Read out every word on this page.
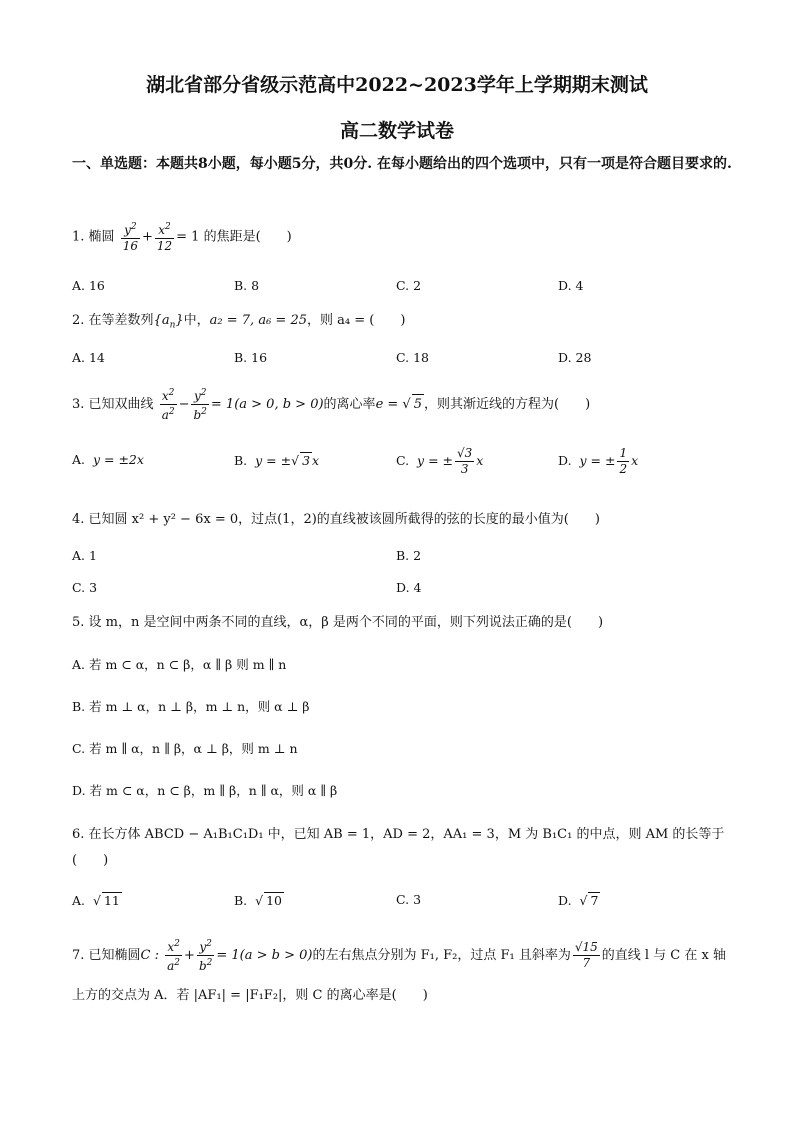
湖北省部分省级示范高中2022~2023学年上学期期末测试
高二数学试卷
一、单选题：本题共8小题，每小题5分，共0分. 在每小题给出的四个选项中，只有一项是符合题目要求的.
1. 椭圆 $\frac{y^2}{16} + \frac{x^2}{12} = 1$ 的焦距是(　　)
A. 16	B. 8	C. 2	D. 4
2. 在等差数列$\{a_n\}$中，a₂ = 7, a₆ = 25，则 a₄ = (　　)
A. 14	B. 16	C. 18	D. 28
3. 已知双曲线 $\frac{x^2}{a^2} - \frac{y^2}{b^2} = 1(a > 0$, b > 0)的离心率e = √ 5 ，则其渐近线的方程为(　　)
A. y = ±2x	B. y = ±√ 3 x	C. y = ± $\frac{√3}{3}$ x	D. y = ± $\frac{1}{2}$ x
4. 已知圆 x² + y² − 6x = 0，过点(1，2)的直线被该圆所截得的弦的长度的最小值为(　　)
A. 1	B. 2
C. 3	D. 4
5. 设 m，n 是空间中两条不同的直线，α，β 是两个不同的平面，则下列说法正确的是(　　)
A. 若 m ⊂ α，n ⊂ β，α ∥ β 则 m ∥ n
B. 若 m ⊥ α，n ⊥ β，m ⊥ n，则 α ⊥ β
C. 若 m ∥ α，n ∥ β，α ⊥ β，则 m ⊥ n
D. 若 m ⊂ α，n ⊂ β，m ∥ β，n ∥ α，则 α ∥ β
6. 在长方体 ABCD − A₁B₁C₁D₁ 中，已知 AB = 1，AD = 2，AA₁ = 3，M 为 B₁C₁ 的中点，则 AM 的长等于(　　)
A.  √ 11	B.  √ 10	C. 3	D.  √ 7
7. 已知椭圆C : $\frac{x^2}{a^2} + \frac{y^2}{b^2} = 1(a > b > 0)$的左右焦点分别为 F₁, F₂，过点 F₁ 且斜率为 $\frac{√15}{7}$ 的直线 l 与 C 在 x 轴上方的交点为 A．若 |AF₁| = |F₁F₂|，则 C 的离心率是(　　)
